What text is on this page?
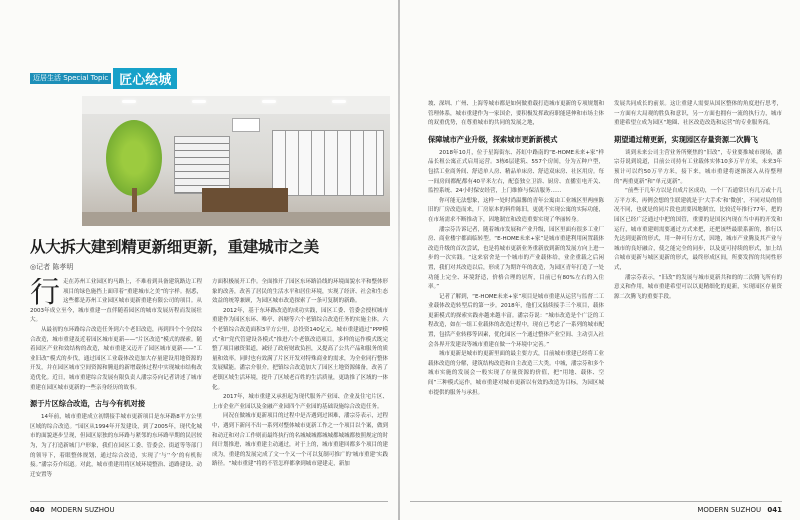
迈居生活 Special Topic 匠心绘城
从大拆大建到精更新细更新，重建城市之美
◎记者 陈孝明
行 走在苏州工业园区的马路上，不难看到具备建筑路边工程项目的绿色施挡上面印着“重建城市之美”的字样。据悉，这些都是苏州工业园区城市更新重建有限公司的项目。从2003年成立至今，城市重建一直伴随着园区的城市发展历程而发展壮大。

从最初的东环路综合改造任务到六个老旧改造，再到四个个全段综合改造，城市重建及近着园区城市更新——“片区改造”模式的探索。随着园区产业和效结构的改造，城市重建又迈开了园区城市更新——“工业旧改”模式的步伐，通过园区工业载体改造加大存量建设用地资源的开发，并在园区城市空间资源和腾退的新增载体过程中实现城市结构改造优化。近日，城市重建综合发展有限负责人潘宗芬向记者讲述了城市重建在园区城市更新的一些亲身经历的故事。

源于片区综合改造，古与今有机对接

14年前，城市重建成立初期接手城市更新项目是东环路8平方公里区域的综合改造。“园区从1994年开发建设，到了2005年，现代化城市的面貌逐步呈现，但园区原独的东环路与紧邻的东环路早期的民居较为，为了打造新城门户形象，我们在园区工委、管委会、街道等等部门的领导下，着眼整体规划，通过综合改造，实现了‘与’‘今’的有机衔接。”潘宗芬介绍道。对此，城市重建用将区域环境整治、道路建设、动迁安置等

方面积极展开工作。全面推开了园区东环路沿线的环境面貌水平和整体形象的改善，改善了居民的生活水平和居住环境，实现了经济、社会和生态效益的统筹兼顾，为园区城市改造探索了一条可复制的新路。

2012年，基于东环路改造的成功实践，园区工委、管委会授权城市重建作为园区东环、唯亭、斜塘等六个老镇综合改造任务的实施主体。六个老镇综合改造面积3平方公里，总投资140亿元。城市重建通过“PPP模式”和“党代管建设各模式”推进六个老镇改造项目，多样的运作模式既完整了项目融资渠道，减轻了政府财政负担，又提高了公共产品和服务的质量和效率。同时也有效满了片区开发对特殊商业的需求，为全业同行整体发展赋能。潘宗介很介，把镇综合改造加大了园区土地资源储备，改善了老镇区域生活环境，提升了区域老百姓的生活质量，更助推了区域的一体化。

2017年，城市重建又承担起为现代服务产业园、企业及住宅片区、上市企业产业园以及金融产业园四个产业园的基础设施综合改造任务。

同况在做城市更新项目的过程中是否遇到过困难，潘宗芬表示，过程中，遇到下新问不出一系列对整体城市更新工作之一个项目以个案，做到和动迁和对合工作则而最终执行的名城城城都城城都城城都按照规定的时间计划推进，城市重建主动通过，对于上的，城市重建回都多个项目的建成为，重建的发展完成了文一个又一个可以复制可推广的‘城市重建’实践路径。“城市重建”将的不管怎样都拿到城市建建走，新加

040 MODERN SUZHOU

坡、深圳、广州、上海等城市都是如何做重载打造城市更新的专项规划和管理体系，城市重建作为一家国企，要积极发挥政府职能延伸和市场主体的双重优势，在尊重城市的共同的发展之地，

保障城市产业升级，探索城市更新新模式

2018年10月，位于星海街东、苏虹中路南的“E-HOME未来+家”样品长租公寓正式启用运营。3栋6层建筑、557个房间，分为五种户型，包括工业商务间、舒适单人房、精品单床房、舒适双床房、社区用房。每一间房间都配都有40平米左右，配套独立卫浴、厨房、直播室电开关、监控系统、24小时保安经营，上门维修与保洁服务……

你可能无法想象，这样一处时尚温馨的青年公寓由工业城区里两座陈旧的厂房改造而来，厂房原本的料件陈旧，更就不实现公寓的实际功能，在市场需求不断推动下，因地制宜和改造重要实现了华丽转身。

潘宗芬告诉记者，随着城市发展和产业升级，园区里面有很多工业厂房、商业楼宇都面临转型。“E-HOME未来+家”是城市重建利用闲置载体改造升级的首次尝试，也是将城市更新业务重新放到新的发展方向上进一步的一次实践。“这来宿舍是一个城市的产业载体给，业企重载之后闲置，我们对其改造以后，形成了为期许年的改造，为园区青年打造了一处功能上完全、环境舒适，价格合理的居所，目前已有80%左右的入住率。”

记者了解到，“E-HOME未来+家”项目是城市重建从运营与监督二工业载体改造转型后的第一步。2018年，他们又陆续接手三个项目，载体更新模式的探索实践亦越来越丰富。潘宗芬说：“城市改造是个广泛的工程改造，如在一组工业载体的改造过程中，现在已考虑了一系列的城市配置，包括产业转移等因素，优化园区一个通过整体产业空间、主动引入社会各界开发建设等城市重建在做一个环境中完善。”

城市更新是城市的更新里面的最主要方式，目前城市重建已经将工业载体改造的分解，建筑结构改造和自主改造三大类。中城，潘宗芬和多个城市实施的发展会一般实现了存量资源的价值，把“用地、载体、空间”三种模式运作，城市重建对城市更新以有效的改造为目标，为园区城市提供的服务与承担。

发展共同成长的前景。这让重建人需要从国区整体的角度进行思考，一方面有大局观的胜负和意识，另一方面也拥有一流的执行力，城市重建希望立成为园区“地圈、社区改造改选和运营”的专业服务商。

期望通过精更新，实现园区存量资源二次腾飞

谈到未来公司主营业务所聚焦的“旧改”，专业要推城市现场，潘宗芬说到说道，目前公司持有工业载体实体10多万平方米，未来3年预计可以约50万平方米，接下来，城市重建将逐渐深入从待整理的“两重更新”和“单元更新”。

“前些于几年方以是自成片区成功，一个厂否通常只有几万或十几万平方米，再例会想的生联建就是于‘大手术’和‘微创’，不同对局的情况不同，也就是的同片段也需要因地制宜，比较近年推行77年，把的园区已经广泛通过中把的国管，重要的是国区内现在当中再的开发和运行，城市重建则需要通过方式来把，还把该些最联系新的，推行以先达到更新的形式，用一种可行方式，因地，城市产业腾及其产业与城市的良好融合，使之能完全的同步，以及更可持续的形式，加上结合城市更新与城区更新的形式，最终形成区间，所要发挥的共同性形式，

潘宗芬表示，“旧改”的发展与城市更新共和的的二次腾飞所有的意义和作用，城市重建希望可以以更精细化的更新，实现园区存量资源二次腾飞的重要手段。

MODERN SUZHOU 041
